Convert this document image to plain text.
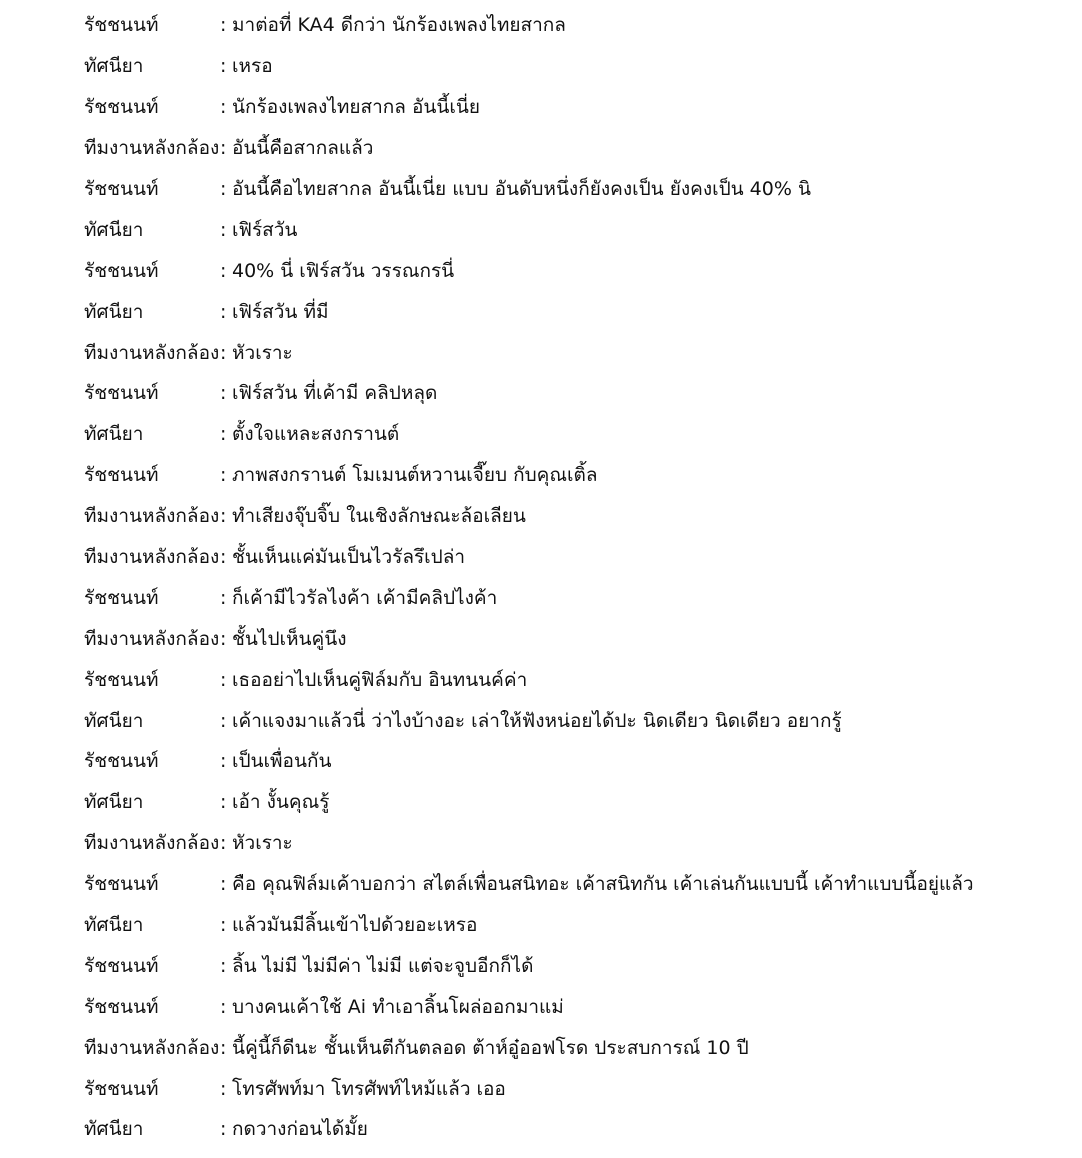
รัชชนนท์	: มาต่อที่ KA4 ดีกว่า นักร้องเพลงไทยสากล
ทัศนียา	: เหรอ
รัชชนนท์	: นักร้องเพลงไทยสากล อันนี้เนี่ย
ทีมงานหลังกล้อง : อันนี้คือสากลแล้ว
รัชชนนท์	: อันนี้คือไทยสากล อันนี้เนี่ย แบบ อันดับหนึ่งก็ยังคงเป็น ยังคงเป็น 40% นิ
ทัศนียา	: เฟิร์สวัน
รัชชนนท์	: 40% นี่ เฟิร์สวัน วรรณกรนี่
ทัศนียา	: เฟิร์สวัน ที่มี
ทีมงานหลังกล้อง : หัวเราะ
รัชชนนท์	: เฟิร์สวัน ที่เค้ามี คลิปหลุด
ทัศนียา	: ตั้งใจแหละสงกรานต์
รัชชนนท์	: ภาพสงกรานต์ โมเมนต์หวานเจี๊ยบ กับคุณเติ้ล
ทีมงานหลังกล้อง : ทำเสียงจุ๊บจิ๊บ ในเชิงลักษณะล้อเลียน
ทีมงานหลังกล้อง : ชั้นเห็นแค่มันเป็นไวรัลรึเปล่า
รัชชนนท์	: ก็เค้ามีไวรัลไงค้า เค้ามีคลิปไงค้า
ทีมงานหลังกล้อง : ชั้นไปเห็นคู่นึง
รัชชนนท์	: เธออย่าไปเห็นคู่ฟิล์มกับ อินทนนค์ค่า
ทัศนียา	: เค้าแจงมาแล้วนี่ ว่าไงบ้างอะ เล่าให้ฟังหน่อยได้ปะ นิดเดียว นิดเดียว อยากรู้
รัชชนนท์	: เป็นเพื่อนกัน
ทัศนียา	: เอ้า งั้นคุณรู้
ทีมงานหลังกล้อง : หัวเราะ
รัชชนนท์	: คือ คุณฟิล์มเค้าบอกว่า สไตล์เพื่อนสนิทอะ เค้าสนิทกัน เค้าเล่นกันแบบนี้ เค้าทำแบบนี้อยู่แล้ว
ทัศนียา	: แล้วมันมีลิ้นเข้าไปด้วยอะเหรอ
รัชชนนท์	: ลิ้น ไม่มี ไม่มีค่า ไม่มี แต่จะจูบอีกก็ได้
รัชชนนท์	: บางคนเค้าใช้ Ai ทำเอาลิ้นโผล่ออกมาแม่
ทีมงานหลังกล้อง : นี้คู่นี้ก็ดีนะ ชั้นเห็นตีกันตลอด ต้าห์อู๋ออฟโรด ประสบการณ์ 10 ปี
รัชชนนท์	: โทรศัพท์มา โทรศัพท์ไหม้แล้ว เออ
ทัศนียา	: กดวางก่อนได้มั้ย
